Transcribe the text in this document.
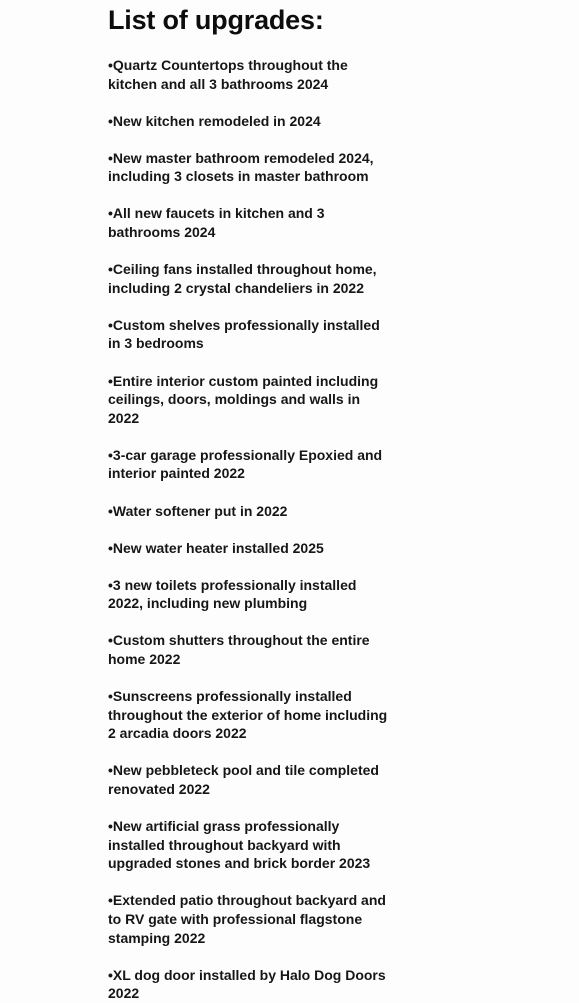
List of upgrades:
•Quartz Countertops throughout the kitchen and all 3 bathrooms 2024
•New kitchen remodeled in 2024
•New master bathroom remodeled 2024, including 3 closets in master bathroom
•All new faucets in kitchen and 3 bathrooms 2024
•Ceiling fans installed throughout home, including 2 crystal chandeliers in 2022
•Custom shelves professionally installed in 3 bedrooms
•Entire interior custom painted including ceilings, doors, moldings and walls in 2022
•3-car garage professionally Epoxied and interior painted 2022
•Water softener put in 2022
•New water heater installed 2025
•3 new toilets professionally installed 2022, including new plumbing
•Custom shutters throughout the entire home 2022
•Sunscreens professionally installed throughout the exterior of home including 2 arcadia doors 2022
•New pebbleteck pool and tile completed renovated 2022
•New artificial grass professionally installed throughout backyard with upgraded stones and brick border 2023
•Extended patio throughout backyard and to RV gate with professional flagstone stamping 2022
•XL dog door installed by Halo Dog Doors 2022
